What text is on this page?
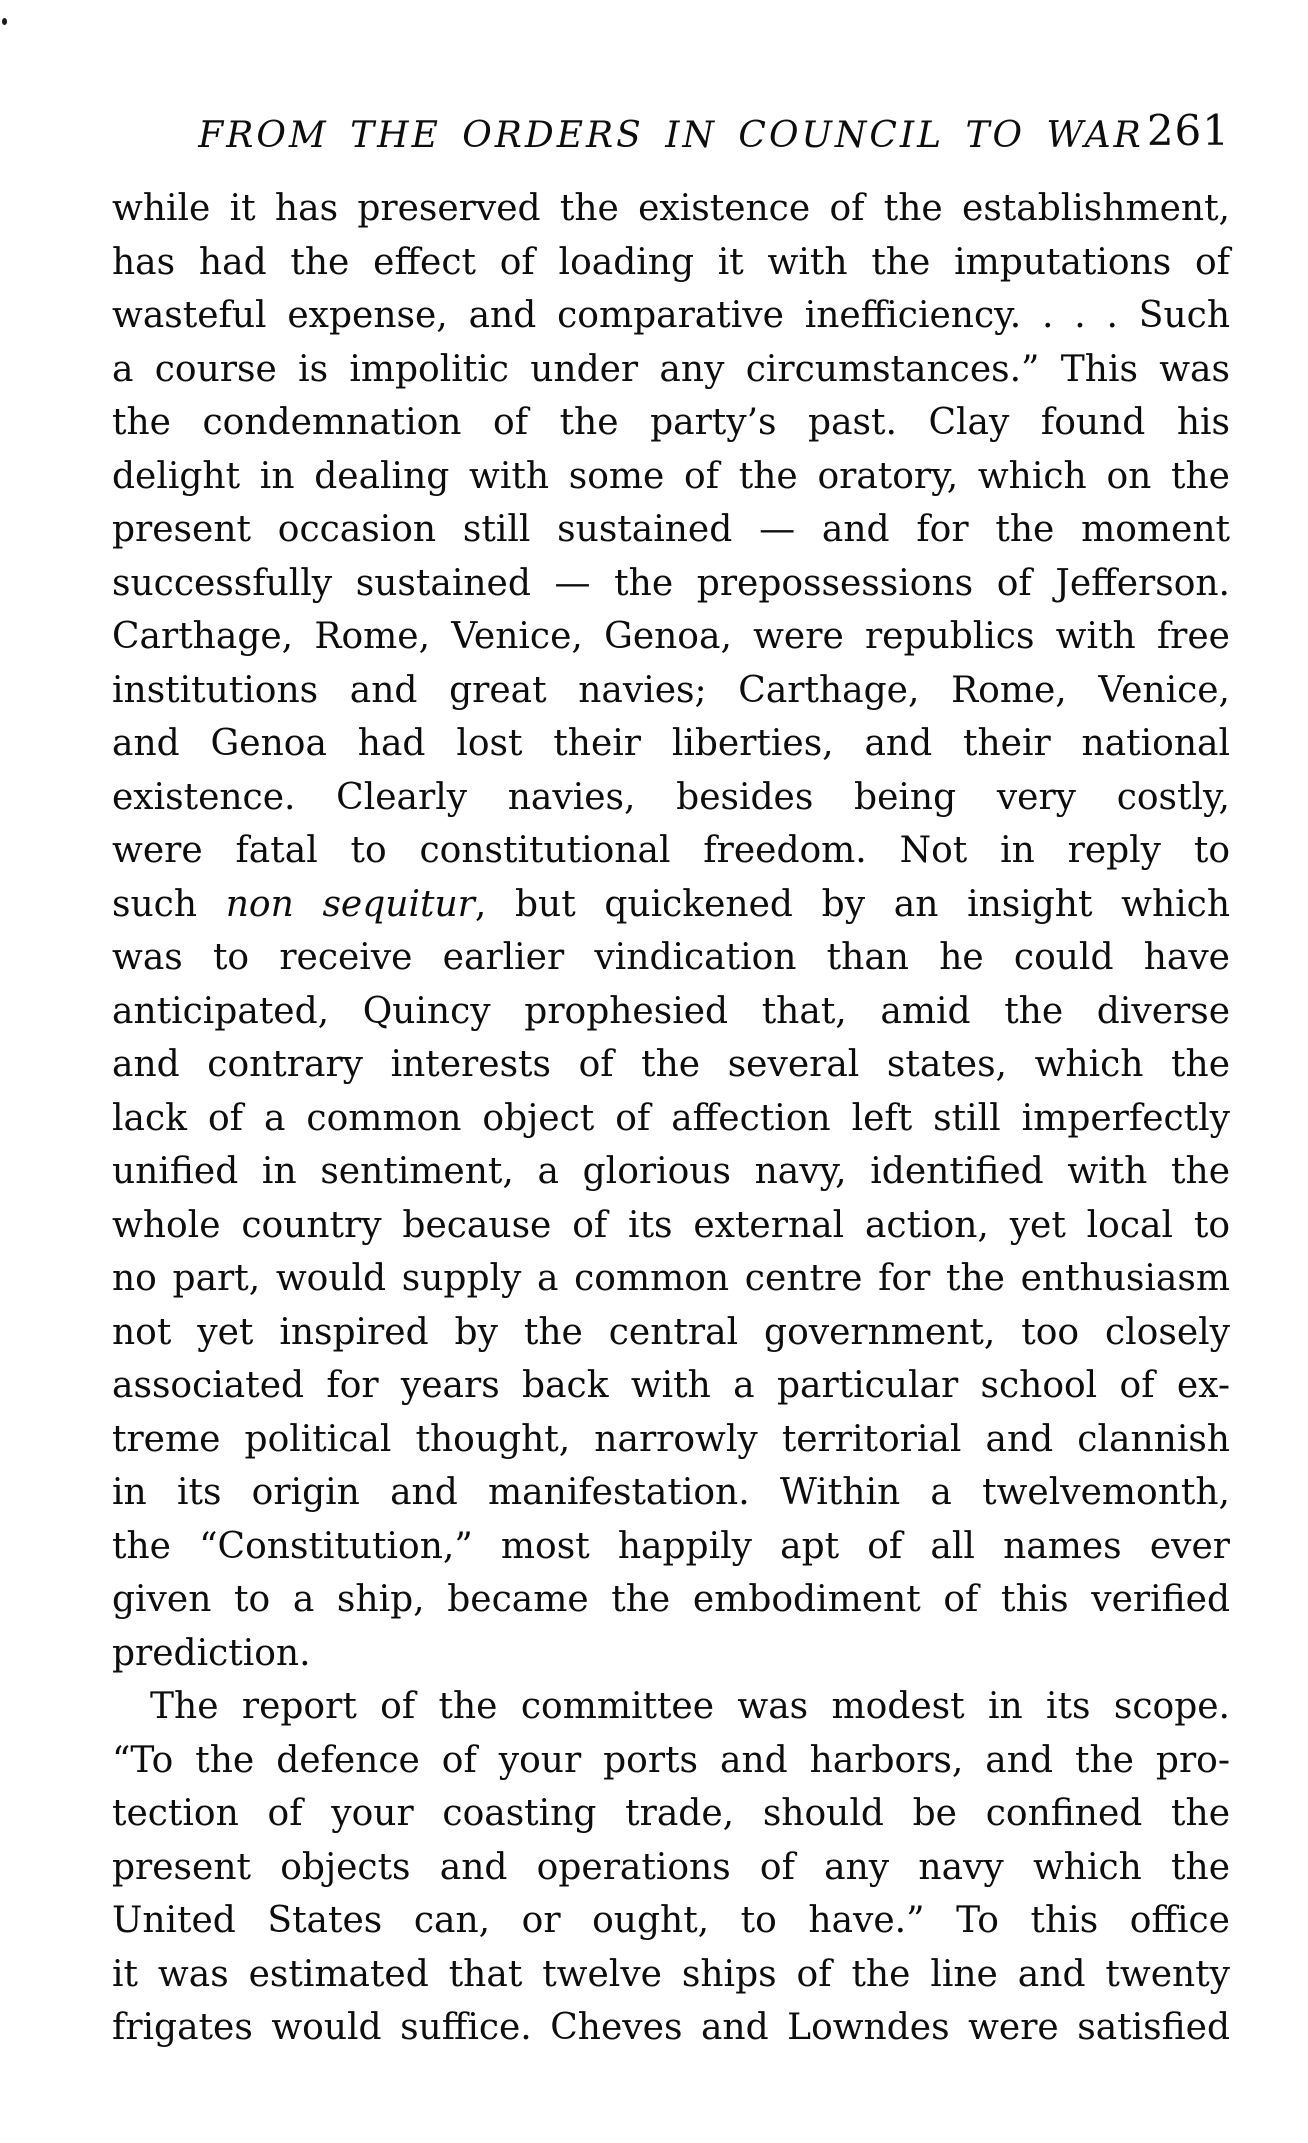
FROM THE ORDERS IN COUNCIL TO WAR 261
while it has preserved the existence of the establishment,
has had the effect of loading it with the imputations of
wasteful expense, and comparative inefficiency. . . . Such
a course is impolitic under any circumstances.” This was
the condemnation of the party’s past. Clay found his
delight in dealing with some of the oratory, which on the
present occasion still sustained — and for the moment
successfully sustained — the prepossessions of Jefferson.
Carthage, Rome, Venice, Genoa, were republics with free
institutions and great navies; Carthage, Rome, Venice,
and Genoa had lost their liberties, and their national
existence. Clearly navies, besides being very costly,
were fatal to constitutional freedom. Not in reply to
such non sequitur, but quickened by an insight which
was to receive earlier vindication than he could have
anticipated, Quincy prophesied that, amid the diverse
and contrary interests of the several states, which the
lack of a common object of affection left still imperfectly
unified in sentiment, a glorious navy, identified with the
whole country because of its external action, yet local to
no part, would supply a common centre for the enthusiasm
not yet inspired by the central government, too closely
associated for years back with a particular school of ex-
treme political thought, narrowly territorial and clannish
in its origin and manifestation. Within a twelvemonth,
the “Constitution,” most happily apt of all names ever
given to a ship, became the embodiment of this verified
prediction.
The report of the committee was modest in its scope.
“To the defence of your ports and harbors, and the pro-
tection of your coasting trade, should be confined the
present objects and operations of any navy which the
United States can, or ought, to have.” To this office
it was estimated that twelve ships of the line and twenty
frigates would suffice. Cheves and Lowndes were satisfied
